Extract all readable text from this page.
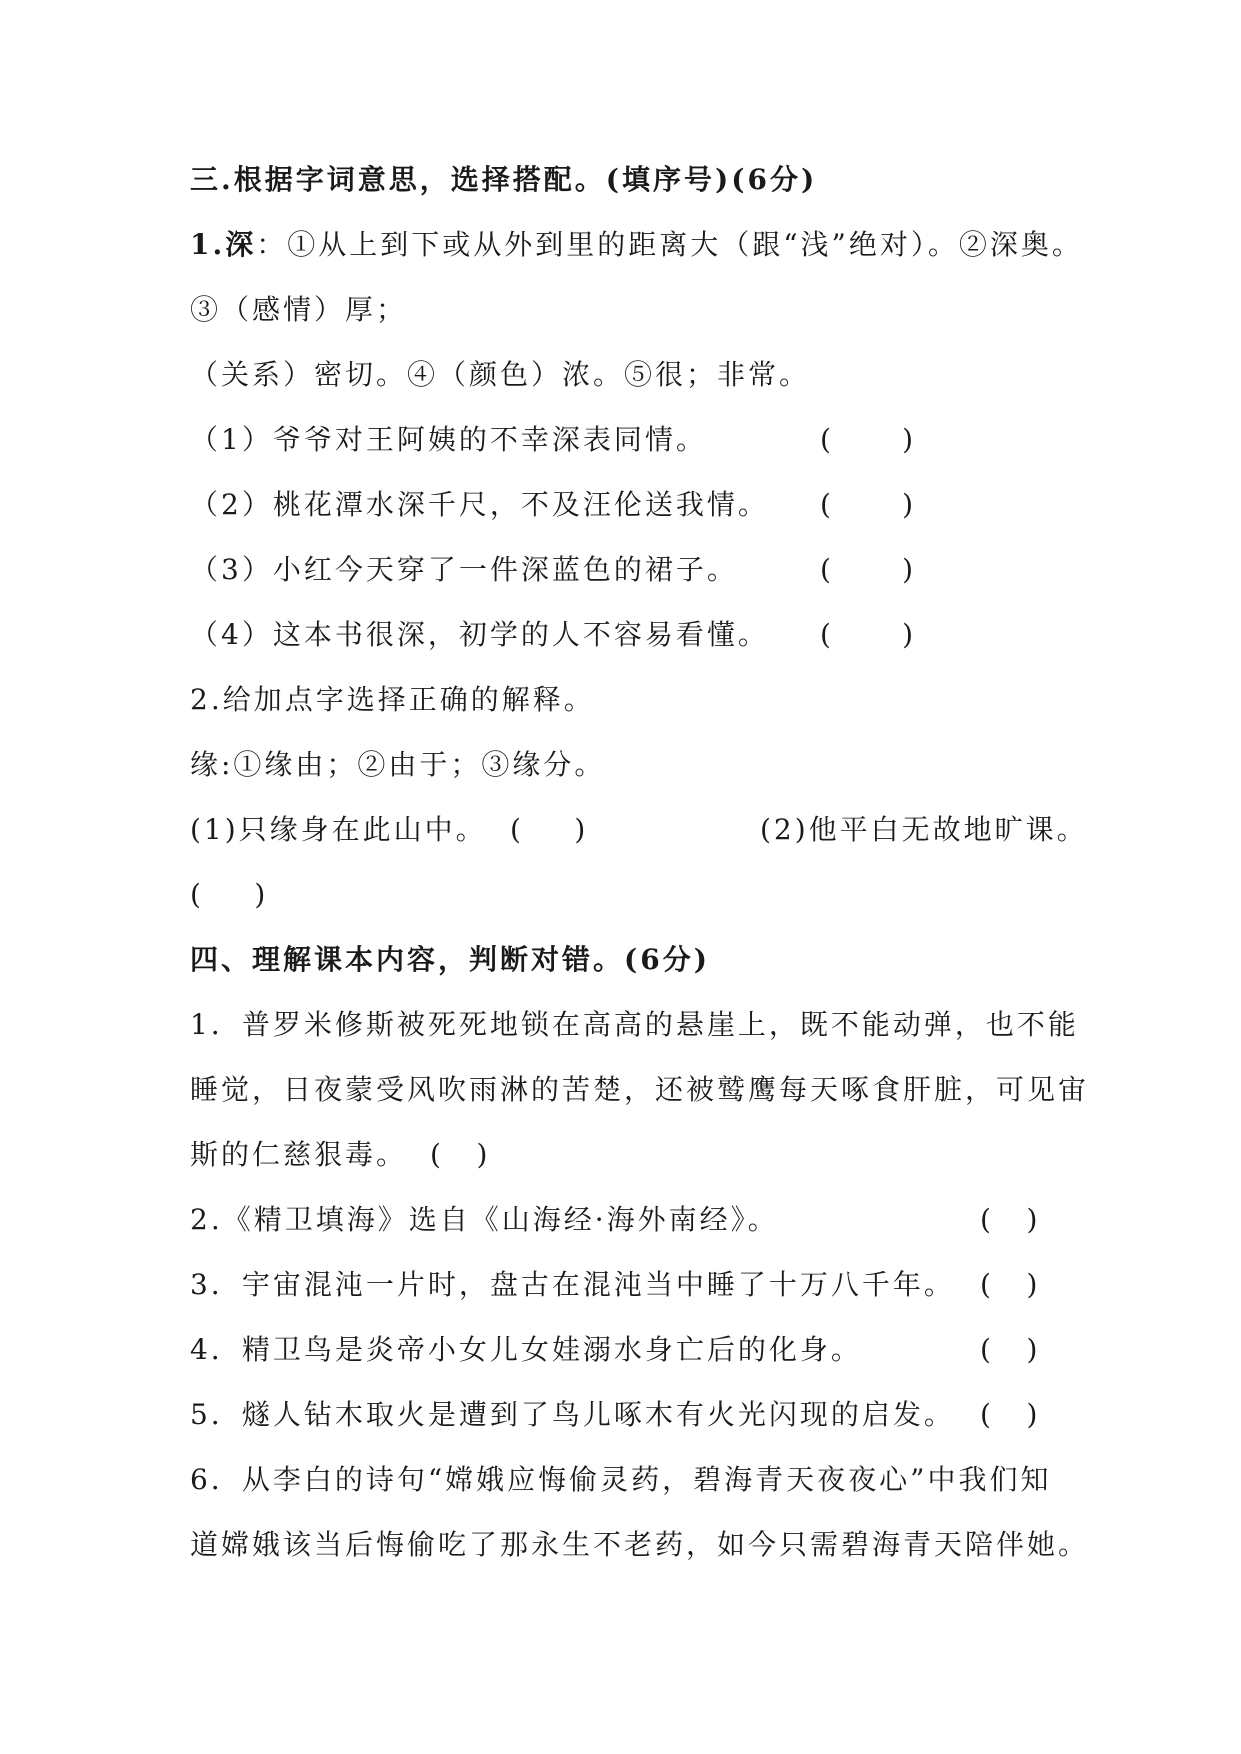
三.根据字词意思，选择搭配。(填序号)(6分)
1.深：①从上到下或从外到里的距离大（跟“浅”绝对）。②深奥。
③（感情）厚；
（关系）密切。④（颜色）浓。⑤很；非常。
（1）爷爷对王阿姨的不幸深表同情。	(        )
（2）桃花潭水深千尺，不及汪伦送我情。	(        )
（3）小红今天穿了一件深蓝色的裙子。	(        )
（4）这本书很深，初学的人不容易看懂。	(        )
2.给加点字选择正确的解释。
缘:①缘由；②由于；③缘分。
(1)只缘身在此山中。 (      )	(2)他平白无故地旷课。
(      )
四、理解课本内容，判断对错。(6分)
1．普罗米修斯被死死地锁在高高的悬崖上，既不能动弹，也不能
睡觉，日夜蒙受风吹雨淋的苦楚，还被鹫鹰每天啄食肝脏，可见宙
斯的仁慈狠毒。 (    )
2.《精卫填海》选自《山海经·海外南经》。	(    )
3．宇宙混沌一片时，盘古在混沌当中睡了十万八千年。 (    )
4．精卫鸟是炎帝小女儿女娃溺水身亡后的化身。	(    )
5．燧人钻木取火是遭到了鸟儿啄木有火光闪现的启发。 (    )
6．从李白的诗句“嫦娥应悔偷灵药，碧海青天夜夜心”中我们知
道嫦娥该当后悔偷吃了那永生不老药，如今只需碧海青天陪伴她。
